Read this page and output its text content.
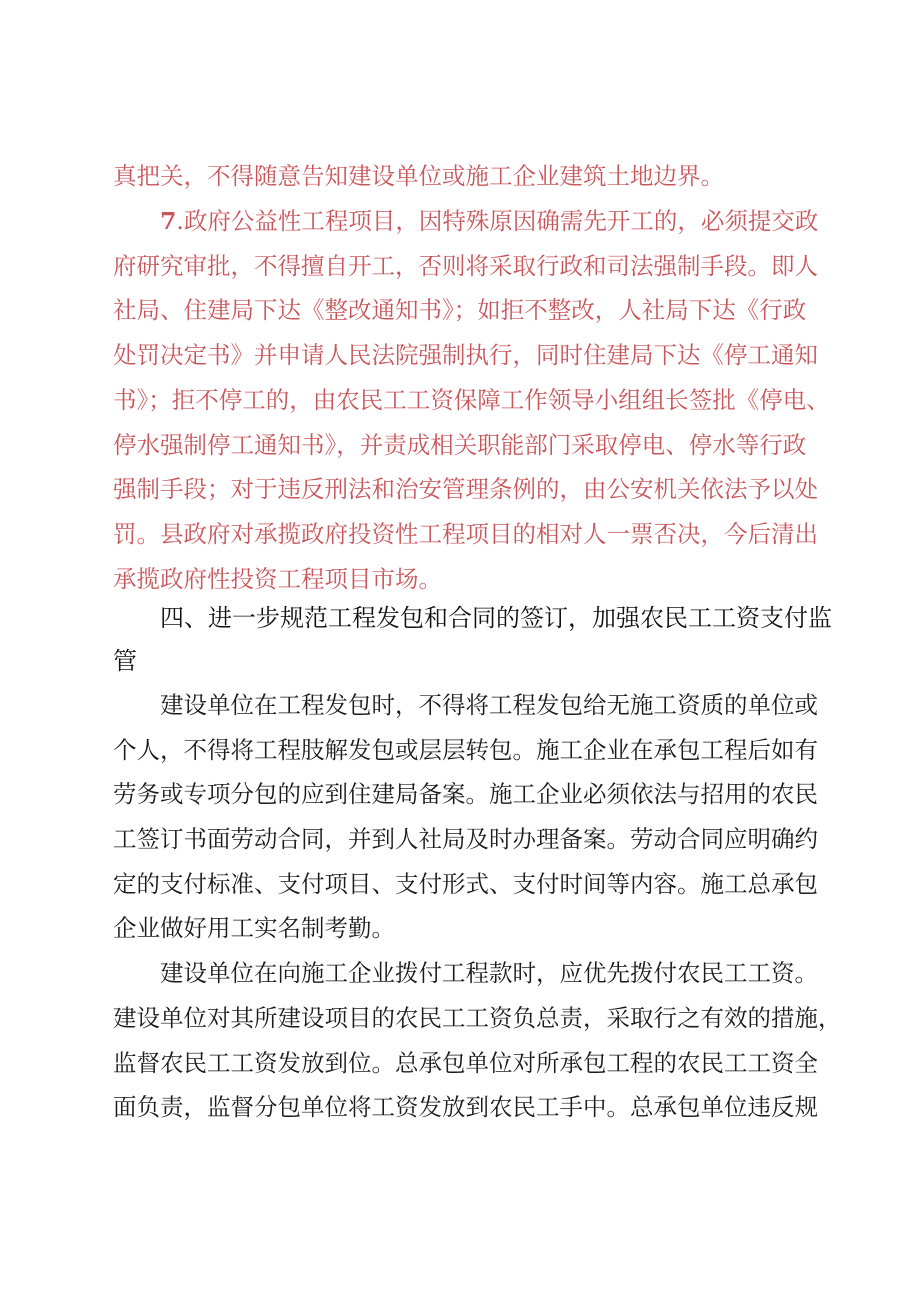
真把关，不得随意告知建设单位或施工企业建筑土地边界。
7.政府公益性工程项目，因特殊原因确需先开工的，必须提交政
府研究审批，不得擅自开工，否则将采取行政和司法强制手段。即人
社局、住建局下达《整改通知书》；如拒不整改，人社局下达《行政
处罚决定书》并申请人民法院强制执行，同时住建局下达《停工通知
书》；拒不停工的，由农民工工资保障工作领导小组组长签批《停电、
停水强制停工通知书》，并责成相关职能部门采取停电、停水等行政
强制手段；对于违反刑法和治安管理条例的，由公安机关依法予以处
罚。县政府对承揽政府投资性工程项目的相对人一票否决，今后清出
承揽政府性投资工程项目市场。
四、进一步规范工程发包和合同的签订，加强农民工工资支付监
管
建设单位在工程发包时，不得将工程发包给无施工资质的单位或
个人，不得将工程肢解发包或层层转包。施工企业在承包工程后如有
劳务或专项分包的应到住建局备案。施工企业必须依法与招用的农民
工签订书面劳动合同，并到人社局及时办理备案。劳动合同应明确约
定的支付标准、支付项目、支付形式、支付时间等内容。施工总承包
企业做好用工实名制考勤。
建设单位在向施工企业拨付工程款时，应优先拨付农民工工资。
建设单位对其所建设项目的农民工工资负总责，采取行之有效的措施，
监督农民工工资发放到位。总承包单位对所承包工程的农民工工资全
面负责，监督分包单位将工资发放到农民工手中。总承包单位违反规
